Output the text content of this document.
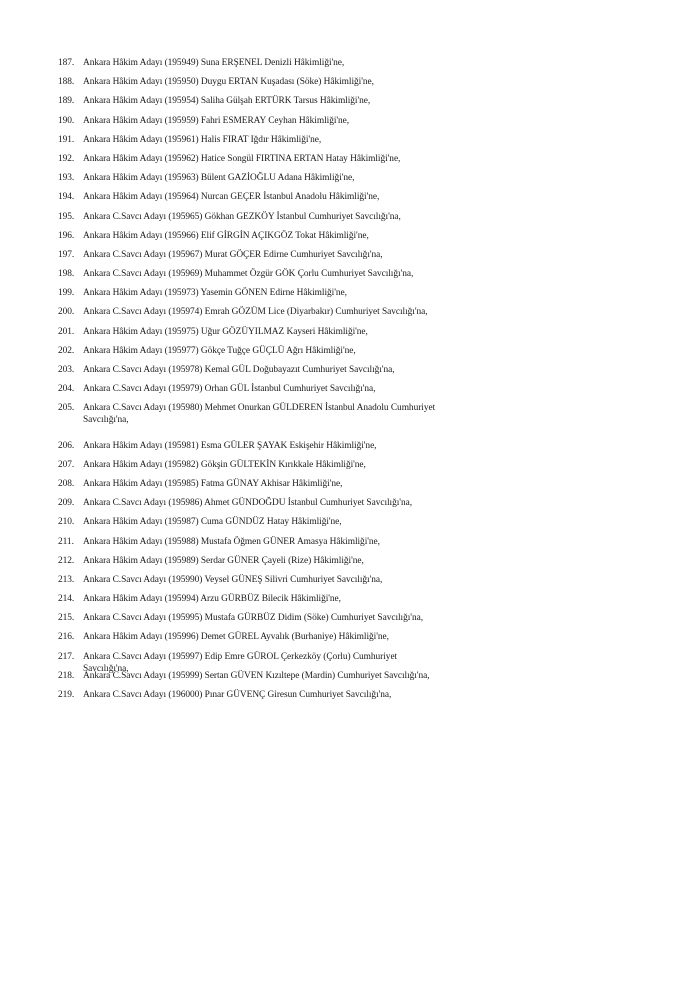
187. Ankara Hâkim Adayı (195949) Suna ERŞENEL Denizli Hâkimliği'ne,
188. Ankara Hâkim Adayı (195950) Duygu ERTAN Kuşadası (Söke) Hâkimliği'ne,
189. Ankara Hâkim Adayı (195954) Saliha Gülşah ERTÜRK Tarsus Hâkimliği'ne,
190. Ankara Hâkim Adayı (195959) Fahri ESMERAY Ceyhan Hâkimliği'ne,
191. Ankara Hâkim Adayı (195961) Halis FIRAT Iğdır Hâkimliği'ne,
192. Ankara Hâkim Adayı (195962) Hatice Songül FIRTINA ERTAN Hatay Hâkimliği'ne,
193. Ankara Hâkim Adayı (195963) Bülent GAZİOĞLU Adana Hâkimliği'ne,
194. Ankara Hâkim Adayı (195964) Nurcan GEÇER İstanbul Anadolu Hâkimliği'ne,
195. Ankara C.Savcı Adayı (195965) Gökhan GEZKÖY İstanbul Cumhuriyet Savcılığı'na,
196. Ankara Hâkim Adayı (195966) Elif GİRGİN AÇIKGÖZ Tokat Hâkimliği'ne,
197. Ankara C.Savcı Adayı (195967) Murat GÖÇER Edirne Cumhuriyet Savcılığı'na,
198. Ankara C.Savcı Adayı (195969) Muhammet Özgür GÖK Çorlu Cumhuriyet Savcılığı'na,
199. Ankara Hâkim Adayı (195973) Yasemin GÖNEN Edirne Hâkimliği'ne,
200. Ankara C.Savcı Adayı (195974) Emrah GÖZÜM Lice (Diyarbakır) Cumhuriyet Savcılığı'na,
201. Ankara Hâkim Adayı (195975) Uğur GÖZÜYILMAZ Kayseri Hâkimliği'ne,
202. Ankara Hâkim Adayı (195977) Gökçe Tuğçe GÜÇLÜ Ağrı Hâkimliği'ne,
203. Ankara C.Savcı Adayı (195978) Kemal GÜL Doğubayazıt Cumhuriyet Savcılığı'na,
204. Ankara C.Savcı Adayı (195979) Orhan GÜL İstanbul Cumhuriyet Savcılığı'na,
205. Ankara C.Savcı Adayı (195980) Mehmet Onurkan GÜLDEREN İstanbul Anadolu Cumhuriyet Savcılığı'na,
206. Ankara Hâkim Adayı (195981) Esma GÜLER ŞAYAK Eskişehir Hâkimliği'ne,
207. Ankara Hâkim Adayı (195982) Gökşin GÜLTEKİN Kırıkkale Hâkimliği'ne,
208. Ankara Hâkim Adayı (195985) Fatma GÜNAY Akhisar Hâkimliği'ne,
209. Ankara C.Savcı Adayı (195986) Ahmet GÜNDOĞDU İstanbul Cumhuriyet Savcılığı'na,
210. Ankara Hâkim Adayı (195987) Cuma GÜNDÜZ Hatay Hâkimliği'ne,
211. Ankara Hâkim Adayı (195988) Mustafa Öğmen GÜNER Amasya Hâkimliği'ne,
212. Ankara Hâkim Adayı (195989) Serdar GÜNER Çayeli (Rize) Hâkimliği'ne,
213. Ankara C.Savcı Adayı (195990) Veysel GÜNEŞ Silivri Cumhuriyet Savcılığı'na,
214. Ankara Hâkim Adayı (195994) Arzu GÜRBÜZ Bilecik Hâkimliği'ne,
215. Ankara C.Savcı Adayı (195995) Mustafa GÜRBÜZ Didim (Söke) Cumhuriyet Savcılığı'na,
216. Ankara Hâkim Adayı (195996) Demet GÜREL Ayvalık (Burhaniye) Hâkimliği'ne,
217. Ankara C.Savcı Adayı (195997) Edip Emre GÜROL Çerkezköy (Çorlu) Cumhuriyet Savcılığı'na,
218. Ankara C.Savcı Adayı (195999) Sertan GÜVEN Kızıltepe (Mardin) Cumhuriyet Savcılığı'na,
219. Ankara C.Savcı Adayı (196000) Pınar GÜVENÇ Giresun Cumhuriyet Savcılığı'na,
